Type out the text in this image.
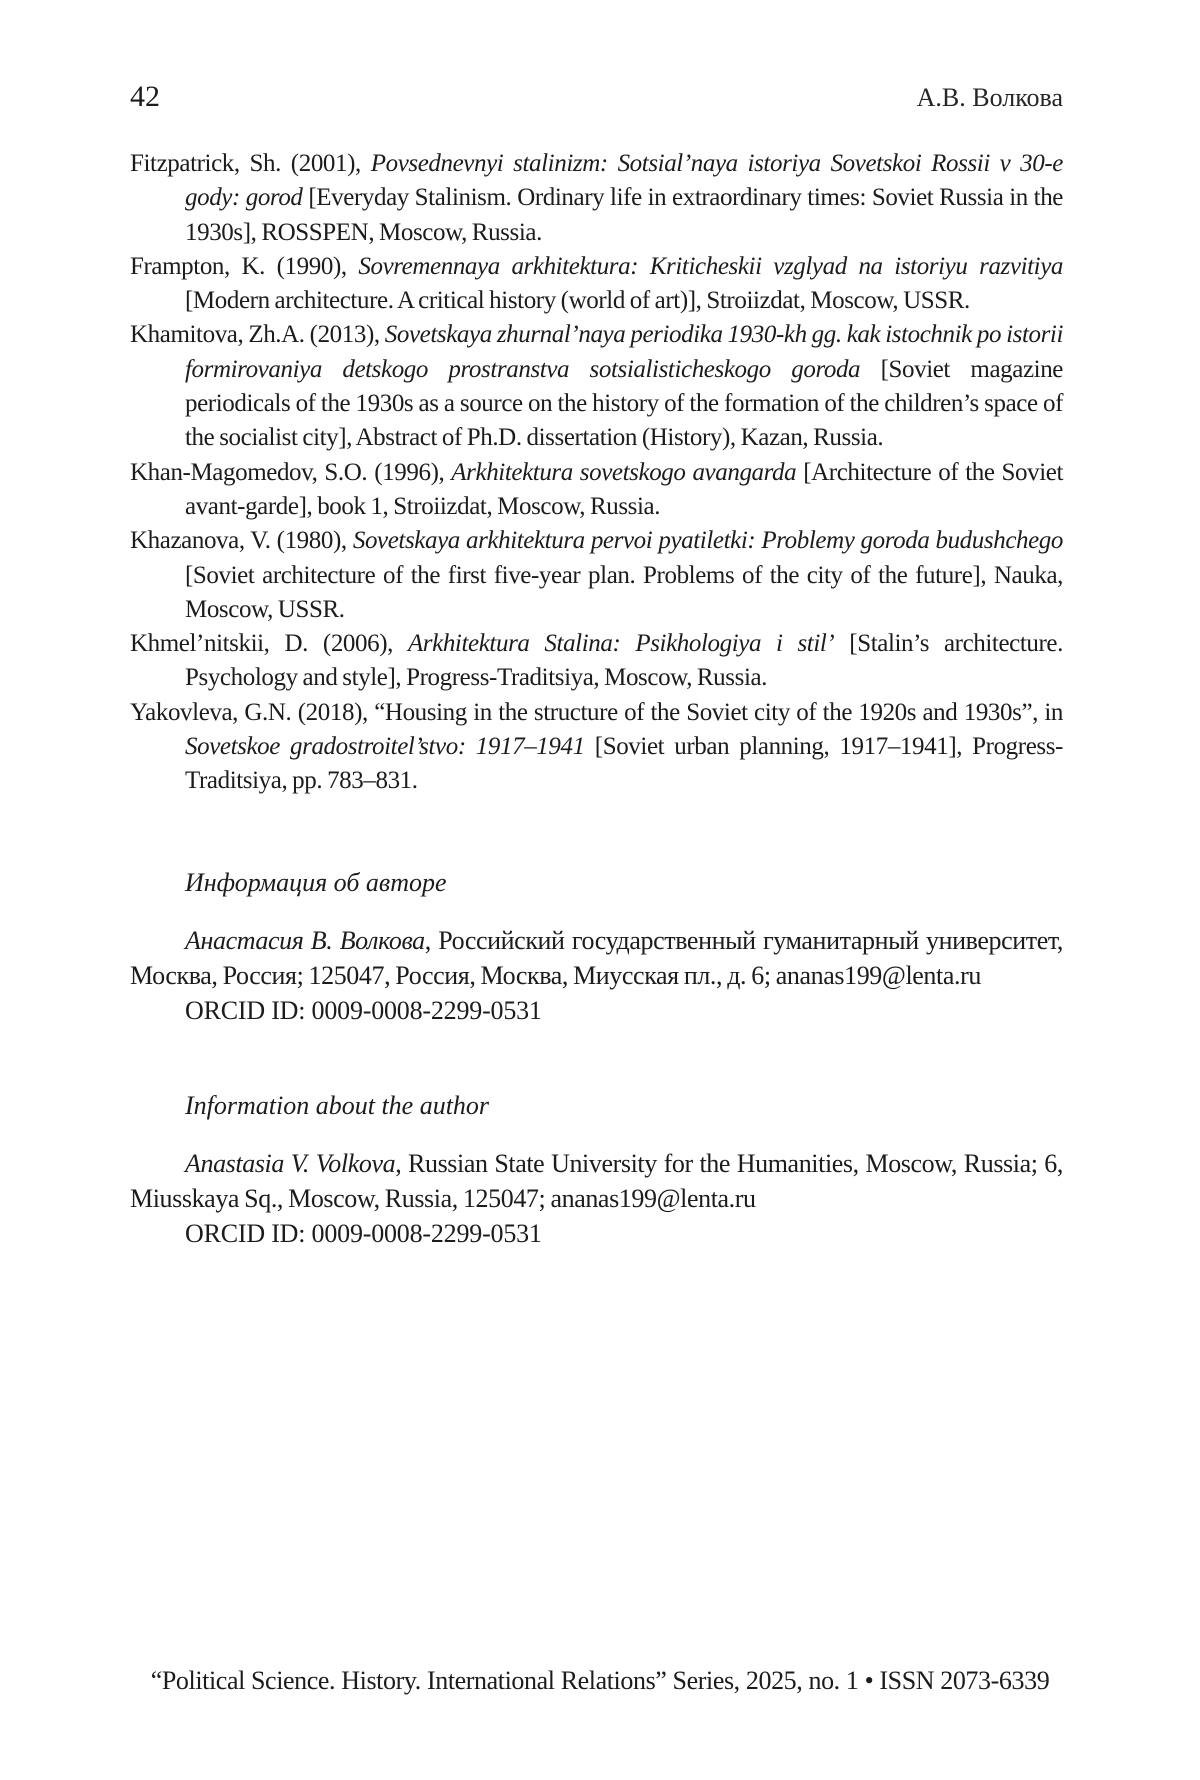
42	А.В. Волкова

Fitzpatrick, Sh. (2001), Povsednevnyi stalinizm: Sotsial’naya istoriya Sovetskoi Rossii v 30-e gody: gorod [Everyday Stalinism. Ordinary life in extraordinary times: Soviet Russia in the 1930s], ROSSPEN, Moscow, Russia.

Frampton, K. (1990), Sovremennaya arkhitektura: Kriticheskii vzglyad na istoriyu razvitiya [Modern architecture. A critical history (world of art)], Stroiizdat, Moscow, USSR.

Khamitova, Zh.A. (2013), Sovetskaya zhurnal’naya periodika 1930-kh gg. kak istochnik po istorii formirovaniya detskogo prostranstva sotsialisticheskogo goroda [Soviet magazine periodicals of the 1930s as a source on the history of the formation of the children’s space of the socialist city], Abstract of Ph.D. dissertation (History), Kazan, Russia.

Khan-Magomedov, S.O. (1996), Arkhitektura sovetskogo avangarda [Architecture of the Soviet avant-garde], book 1, Stroiizdat, Moscow, Russia.

Khazanova, V. (1980), Sovetskaya arkhitektura pervoi pyatiletki: Problemy goroda budushchego [Soviet architecture of the first five-year plan. Problems of the city of the future], Nauka, Moscow, USSR.

Khmel’nitskii, D. (2006), Arkhitektura Stalina: Psikhologiya i stil’ [Stalin’s architecture. Psychology and style], Progress-Traditsiya, Moscow, Russia.

Yakovleva, G.N. (2018), “Housing in the structure of the Soviet city of the 1920s and 1930s”, in Sovetskoe gradostroitel’stvo: 1917–1941 [Soviet urban planning, 1917–1941], Progress-Traditsiya, pp. 783–831.

Информация об авторе

Анастасия В. Волкова, Российский государственный гуманитарный университет, Москва, Россия; 125047, Россия, Москва, Миусская пл., д. 6; ananas199@lenta.ru

ORCID ID: 0009-0008-2299-0531

Information about the author

Anastasia V. Volkova, Russian State University for the Humanities, Moscow, Russia; 6, Miusskaya Sq., Moscow, Russia, 125047; ananas199@lenta.ru

ORCID ID: 0009-0008-2299-0531

“Political Science. History. International Relations” Series, 2025, no. 1 • ISSN 2073-6339
